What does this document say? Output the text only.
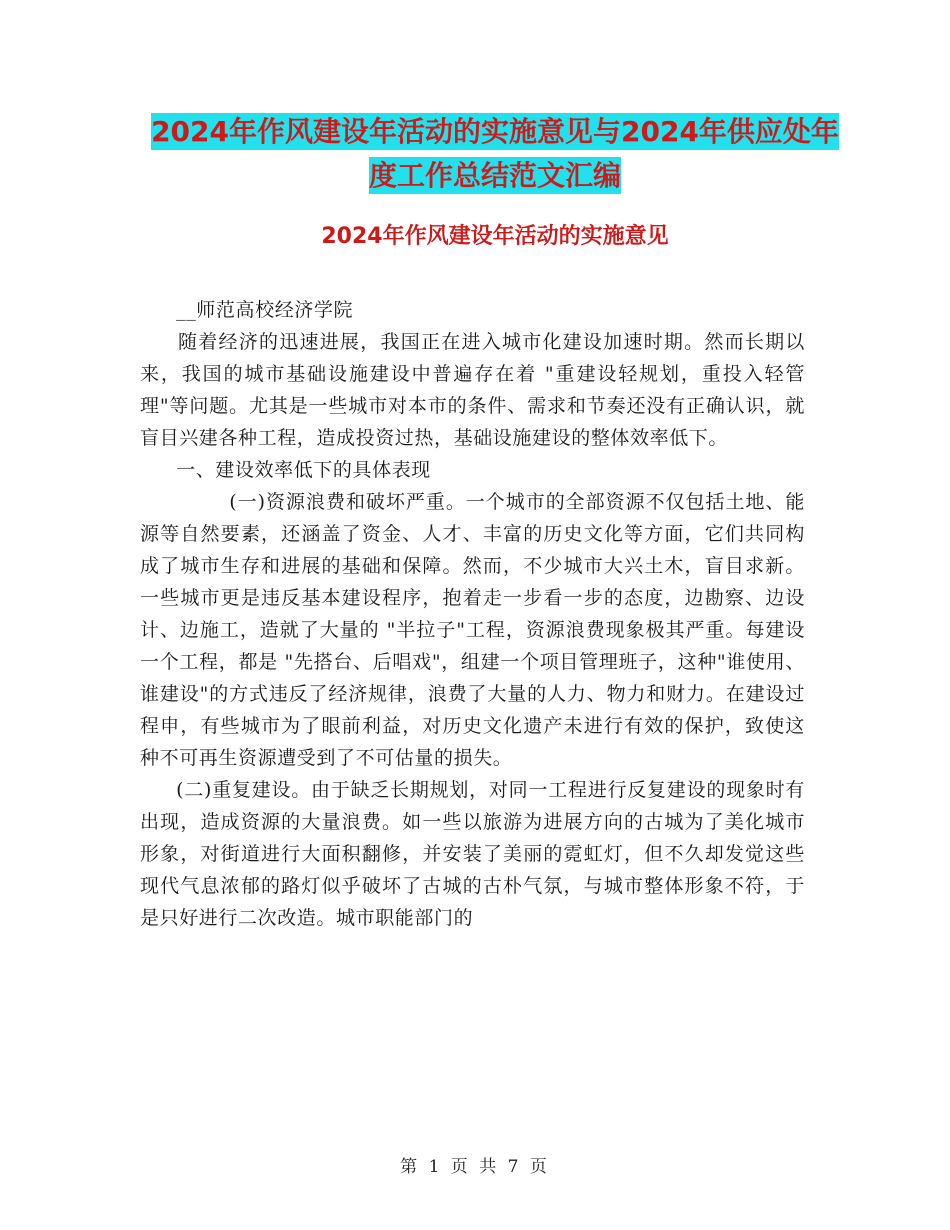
2024年作风建设年活动的实施意见与2024年供应处年
度工作总结范文汇编
2024年作风建设年活动的实施意见

__师范高校经济学院

随着经济的迅速进展，我国正在进入城市化建设加速时期。然而长期以来，我国的城市基础设施建设中普遍存在着 "重建设轻规划，重投入轻管理"等问题。尤其是一些城市对本市的条件、需求和节奏还没有正确认识，就盲目兴建各种工程，造成投资过热，基础设施建设的整体效率低下。

一、建设效率低下的具体表现

(一)资源浪费和破坏严重。一个城市的全部资源不仅包括土地、能源等自然要素，还涵盖了资金、人才、丰富的历史文化等方面，它们共同构成了城市生存和进展的基础和保障。然而，不少城市大兴土木，盲目求新。一些城市更是违反基本建设程序，抱着走一步看一步的态度，边勘察、边设计、边施工，造就了大量的 "半拉子"工程，资源浪费现象极其严重。每建设一个工程，都是 "先搭台、后唱戏"，组建一个项目管理班子，这种"谁使用、谁建设"的方式违反了经济规律，浪费了大量的人力、物力和财力。在建设过程申，有些城市为了眼前利益，对历史文化遗产未进行有效的保护，致使这种不可再生资源遭受到了不可估量的损失。

(二)重复建设。由于缺乏长期规划，对同一工程进行反复建设的现象时有出现，造成资源的大量浪费。如一些以旅游为进展方向的古城为了美化城市形象，对街道进行大面积翻修，并安装了美丽的霓虹灯，但不久却发觉这些现代气息浓郁的路灯似乎破坏了古城的古朴气氛，与城市整体形象不符，于是只好进行二次改造。城市职能部门的

第 1 页 共 7 页
